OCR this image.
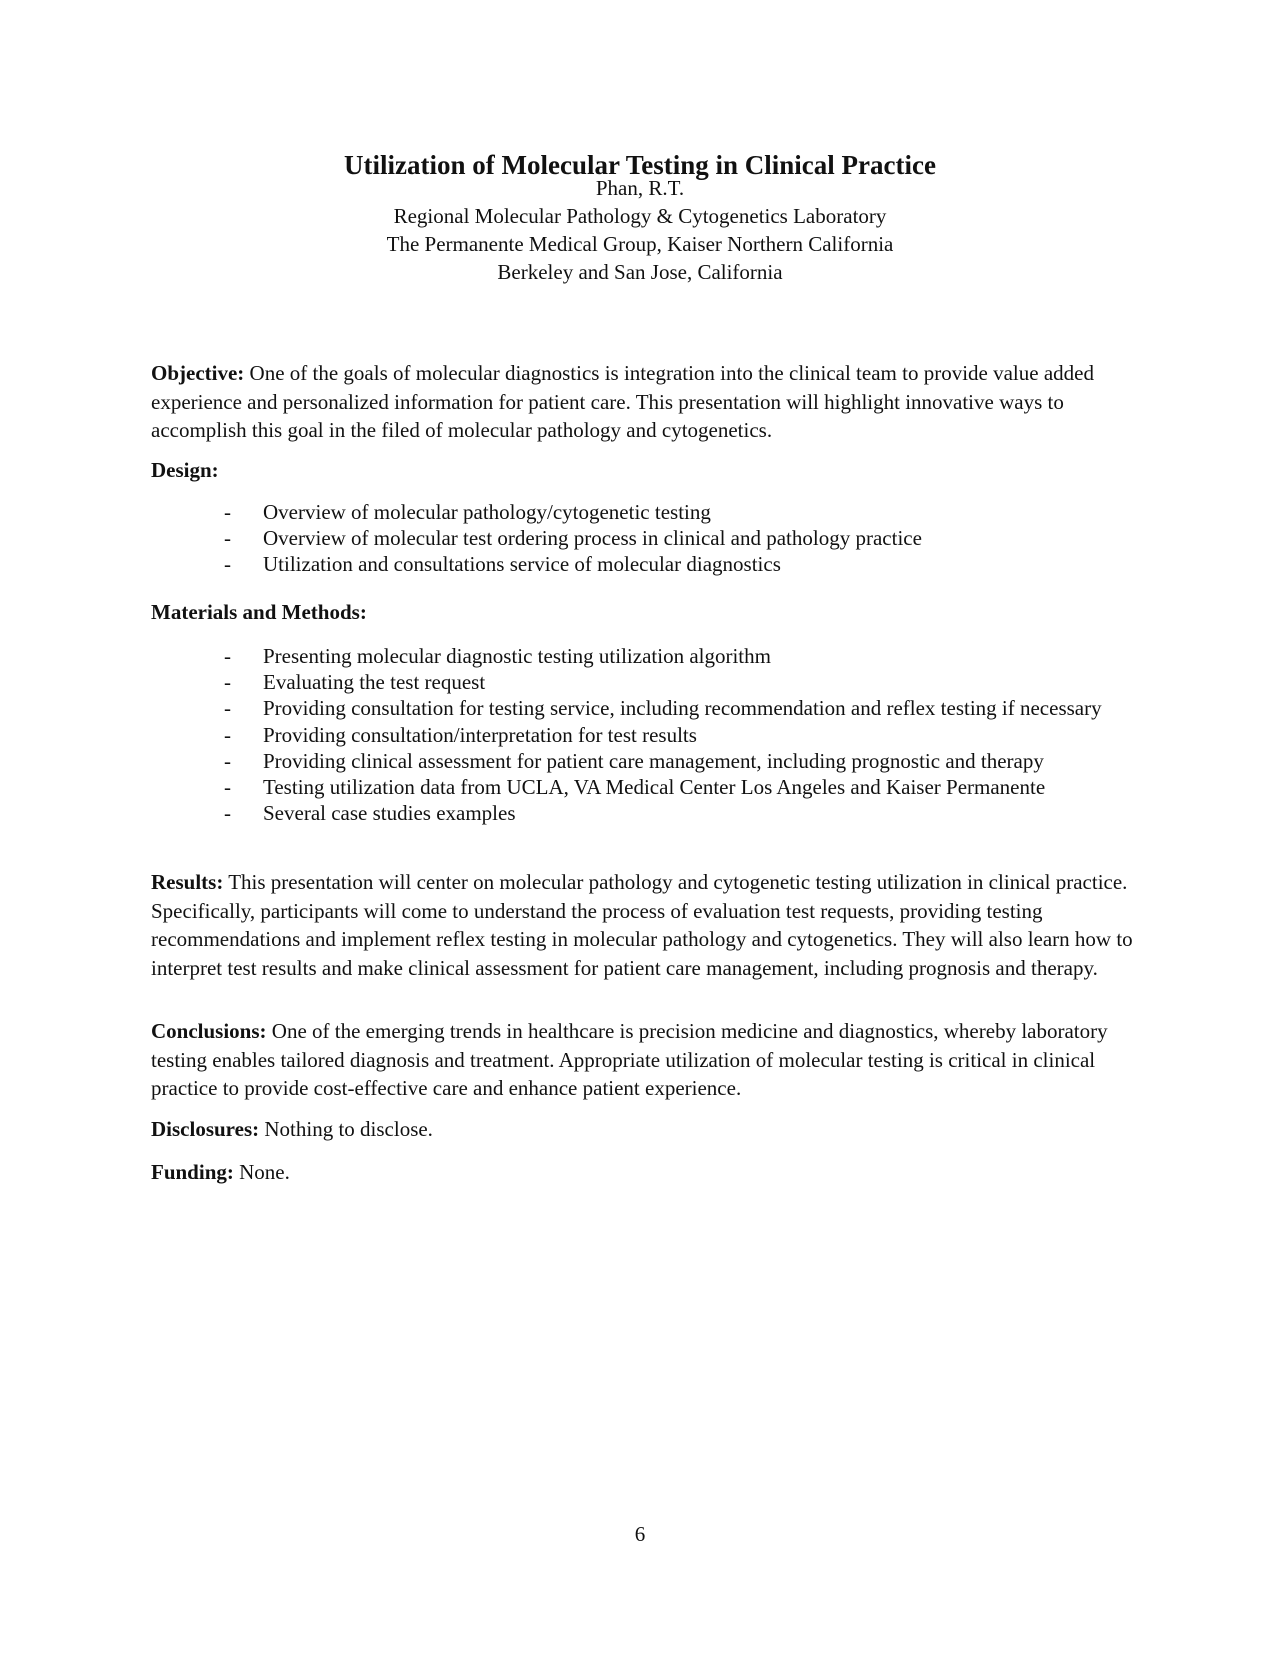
Utilization of Molecular Testing in Clinical Practice
Phan, R.T.
Regional Molecular Pathology & Cytogenetics Laboratory
The Permanente Medical Group, Kaiser Northern California
Berkeley and San Jose, California

Objective: One of the goals of molecular diagnostics is integration into the clinical team to provide value added experience and personalized information for patient care. This presentation will highlight innovative ways to accomplish this goal in the filed of molecular pathology and cytogenetics.

Design:

- Overview of molecular pathology/cytogenetic testing
- Overview of molecular test ordering process in clinical and pathology practice
- Utilization and consultations service of molecular diagnostics

Materials and Methods:

- Presenting molecular diagnostic testing utilization algorithm
- Evaluating the test request
- Providing consultation for testing service, including recommendation and reflex testing if necessary
- Providing consultation/interpretation for test results
- Providing clinical assessment for patient care management, including prognostic and therapy
- Testing utilization data from UCLA, VA Medical Center Los Angeles and Kaiser Permanente
- Several case studies examples

Results: This presentation will center on molecular pathology and cytogenetic testing utilization in clinical practice. Specifically, participants will come to understand the process of evaluation test requests, providing testing recommendations and implement reflex testing in molecular pathology and cytogenetics. They will also learn how to interpret test results and make clinical assessment for patient care management, including prognosis and therapy.

Conclusions: One of the emerging trends in healthcare is precision medicine and diagnostics, whereby laboratory testing enables tailored diagnosis and treatment. Appropriate utilization of molecular testing is critical in clinical practice to provide cost-effective care and enhance patient experience.

Disclosures: Nothing to disclose.

Funding: None.

6
